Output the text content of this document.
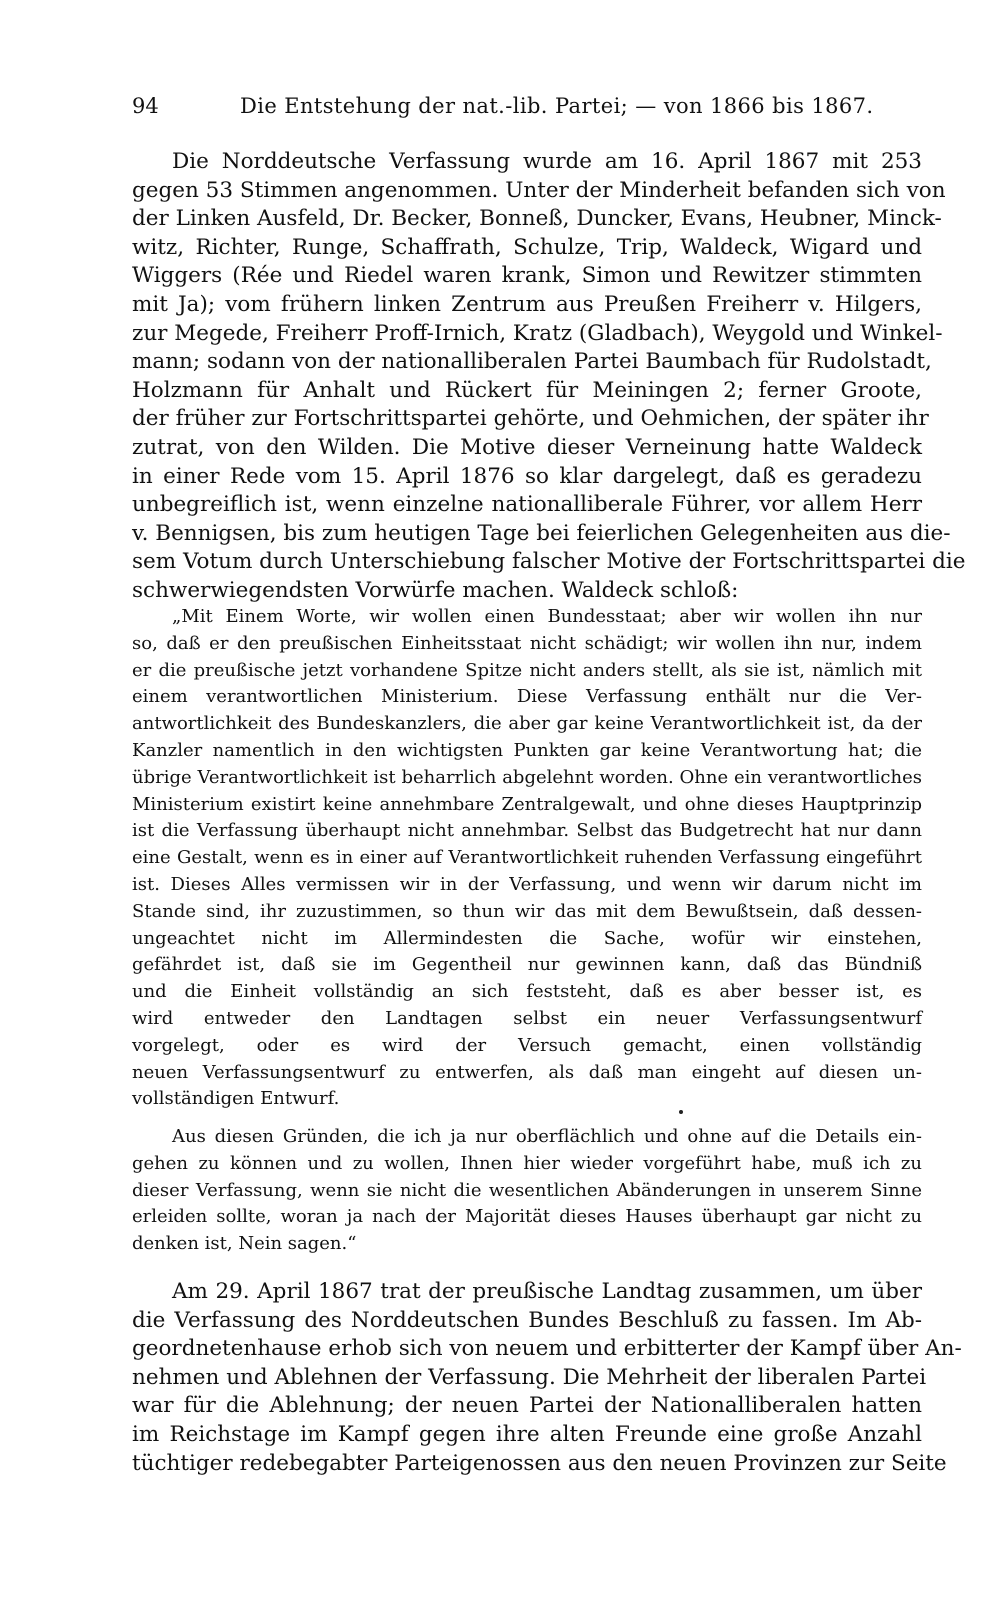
94	Die Entstehung der nat.-lib. Partei; — von 1866 bis 1867.
Die Norddeutsche Verfassung wurde am 16. April 1867 mit 253
gegen 53 Stimmen angenommen. Unter der Minderheit befanden sich von
der Linken Ausfeld, Dr. Becker, Bonneß, Duncker, Evans, Heubner, Minck-
witz, Richter, Runge, Schaffrath, Schulze, Trip, Waldeck, Wigard und
Wiggers (Rée und Riedel waren krank, Simon und Rewitzer stimmten
mit Ja); vom frühern linken Zentrum aus Preußen Freiherr v. Hilgers,
zur Megede, Freiherr Proff-Irnich, Kratz (Gladbach), Weygold und Winkel-
mann; sodann von der nationalliberalen Partei Baumbach für Rudolstadt,
Holzmann für Anhalt und Rückert für Meiningen 2; ferner Groote,
der früher zur Fortschrittspartei gehörte, und Oehmichen, der später ihr
zutrat, von den Wilden. Die Motive dieser Verneinung hatte Waldeck
in einer Rede vom 15. April 1876 so klar dargelegt, daß es geradezu
unbegreiflich ist, wenn einzelne nationalliberale Führer, vor allem Herr
v. Bennigsen, bis zum heutigen Tage bei feierlichen Gelegenheiten aus die-
sem Votum durch Unterschiebung falscher Motive der Fortschrittspartei die
schwerwiegendsten Vorwürfe machen. Waldeck schloß:
„Mit Einem Worte, wir wollen einen Bundesstaat; aber wir wollen ihn nur
so, daß er den preußischen Einheitsstaat nicht schädigt; wir wollen ihn nur, indem
er die preußische jetzt vorhandene Spitze nicht anders stellt, als sie ist, nämlich mit
einem verantwortlichen Ministerium. Diese Verfassung enthält nur die Ver-
antwortlichkeit des Bundeskanzlers, die aber gar keine Verantwortlichkeit ist, da der
Kanzler namentlich in den wichtigsten Punkten gar keine Verantwortung hat; die
übrige Verantwortlichkeit ist beharrlich abgelehnt worden. Ohne ein verantwortliches
Ministerium existirt keine annehmbare Zentralgewalt, und ohne dieses Hauptprinzip
ist die Verfassung überhaupt nicht annehmbar. Selbst das Budgetrecht hat nur dann
eine Gestalt, wenn es in einer auf Verantwortlichkeit ruhenden Verfassung eingeführt
ist. Dieses Alles vermissen wir in der Verfassung, und wenn wir darum nicht im
Stande sind, ihr zuzustimmen, so thun wir das mit dem Bewußtsein, daß dessen-
ungeachtet nicht im Allermindesten die Sache, wofür wir einstehen,
gefährdet ist, daß sie im Gegentheil nur gewinnen kann, daß das Bündniß
und die Einheit vollständig an sich feststeht, daß es aber besser ist, es
wird entweder den Landtagen selbst ein neuer Verfassungsentwurf
vorgelegt, oder es wird der Versuch gemacht, einen vollständig
neuen Verfassungsentwurf zu entwerfen, als daß man eingeht auf diesen un-
vollständigen Entwurf.
Aus diesen Gründen, die ich ja nur oberflächlich und ohne auf die Details ein-
gehen zu können und zu wollen, Ihnen hier wieder vorgeführt habe, muß ich zu
dieser Verfassung, wenn sie nicht die wesentlichen Abänderungen in unserem Sinne
erleiden sollte, woran ja nach der Majorität dieses Hauses überhaupt gar nicht zu
denken ist, Nein sagen.“
Am 29. April 1867 trat der preußische Landtag zusammen, um über
die Verfassung des Norddeutschen Bundes Beschluß zu fassen. Im Ab-
geordnetenhause erhob sich von neuem und erbitterter der Kampf über An-
nehmen und Ablehnen der Verfassung. Die Mehrheit der liberalen Partei
war für die Ablehnung; der neuen Partei der Nationalliberalen hatten
im Reichstage im Kampf gegen ihre alten Freunde eine große Anzahl
tüchtiger redebegabter Parteigenossen aus den neuen Provinzen zur Seite
